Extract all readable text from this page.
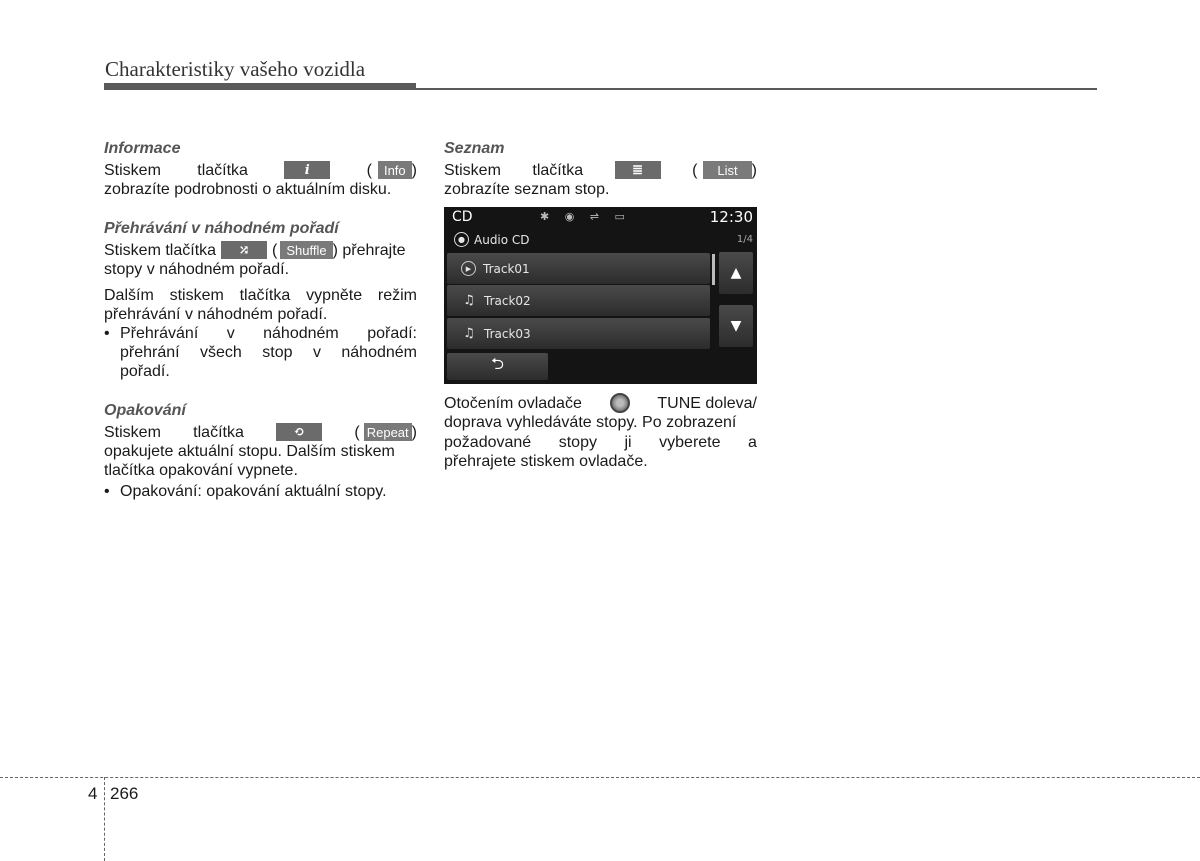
Charakteristiky vašeho vozidla
Informace
Stiskem tlačítka	i	( Info )
zobrazíte podrobnosti o aktuálním disku.
Přehrávání v náhodném pořadí
Stiskem tlačítka	⤮	( Shuffle ) přehrajte
stopy v náhodném pořadí.
Dalším stiskem tlačítka vypněte režim
přehrávání v náhodném pořadí.
• Přehrávání v náhodném pořadí:
přehrání všech stop v náhodném
pořadí.
Opakování
Stiskem tlačítka	⟲	( Repeat )
opakujete aktuální stopu. Dalším stiskem
tlačítka opakování vypnete.
• Opakování: opakování aktuální stopy.
Seznam
Stiskem tlačítka	≣	(	List )
zobrazíte seznam stop.
CD	✱ ◉ ⇌ ▭	12:30
● Audio CD	1/4
▶ Track01
♫ Track02
♫ Track03
▲
▼
⮌
Otočením ovladače	TUNE doleva/
doprava vyhledáváte stopy. Po zobrazení
požadované stopy ji vyberete a
přehrajete stiskem ovladače.
4 266
